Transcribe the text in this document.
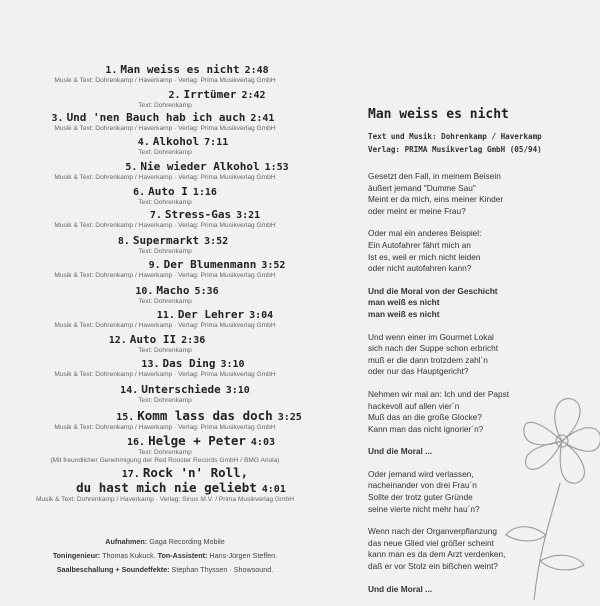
1. Man weiss es nicht 2:48
Musik & Text: Dohrenkamp / Haverkamp · Verlag: Prima Musikverlag GmbH
2. Irrtümer 2:42
Text: Dohrenkamp
3. Und 'nen Bauch hab ich auch 2:41
Musik & Text: Dohrenkamp / Haverkamp · Verlag: Prima Musikverlag GmbH
4. Alkohol 7:11
Text: Dohrenkamp
5. Nie wieder Alkohol 1:53
Musik & Text: Dohrenkamp / Haverkamp · Verlag: Prima Musikverlag GmbH
6. Auto I 1:16
Text: Dohrenkamp
7. Stress-Gas 3:21
Musik & Text: Dohrenkamp / Haverkamp · Verlag: Prima Musikverlag GmbH
8. Supermarkt 3:52
Text: Dohrenkamp
9. Der Blumenmann 3:52
Musik & Text: Dohrenkamp / Haverkamp · Verlag: Prima Musikverlag GmbH
10. Macho 5:36
Text: Dohrenkamp
11. Der Lehrer 3:04
Musik & Text: Dohrenkamp / Haverkamp · Verlag: Prima Musikverlag GmbH
12. Auto II 2:36
Text: Dohrenkamp
13. Das Ding 3:10
Musik & Text: Dohrenkamp / Haverkamp · Verlag: Prima Musikverlag GmbH
14. Unterschiede 3:10
Text: Dohrenkamp
15. Komm lass das doch 3:25
Musik & Text: Dohrenkamp / Haverkamp · Verlag: Prima Musikverlag GmbH
16. Helge + Peter 4:03
Text: Dohrenkamp
(Mit freundlicher Genehmigung der Red Rooster Records GmbH / BMG Ariola)
17. Rock 'n' Roll,
du hast mich nie geliebt 4:01
Musik & Text: Dohrenkamp / Haverkamp · Verlag: Sinus M.V. / Prima Musikverlag GmbH
Aufnahmen: Gaga Recording Mobile
Toningenieur: Thomas Kukuck. Ton-Assistent: Hans-Jürgen Steffen.
Saalbeschallung + Soundeffekte: Stephan Thyssen · Showsound.
Man weiss es nicht
Text und Musik: Dohrenkamp / Haverkamp
Verlag: PRIMA Musikverlag GmbH (05/94)
Gesetzt den Fall, in meinem Beisein
äußert jemand "Dumme Sau"
Meint er da mich, eins meiner Kinder
oder meint er meine Frau?
Oder mal ein anderes Beispiel:
Ein Autofahrer fährt mich an
Ist es, weil er mich nicht leiden
oder nicht autofahren kann?
Und die Moral von der Geschicht
man weiß es nicht
man weiß es nicht
Und wenn einer im Gourmet Lokal
sich nach der Suppe schon erbricht
muß er die dann trotzdem zahl´n
oder nur das Hauptgericht?
Nehmen wir mal an: Ich und der Papst
hackevoll auf allen vier´n
Muß das an die große Glocke?
Kann man das nicht ignorier´n?
Und die Moral ...
Oder jemand wird verlassen,
nacheinander von drei Frau´n
Sollte der trotz guter Gründe
seine vierte nicht mehr hau´n?
Wenn nach der Organverpflanzung
das neue Glied viel größer scheint
kann man es da dem Arzt verdenken,
daß er vor Stolz ein bißchen weint?
Und die Moral ...
